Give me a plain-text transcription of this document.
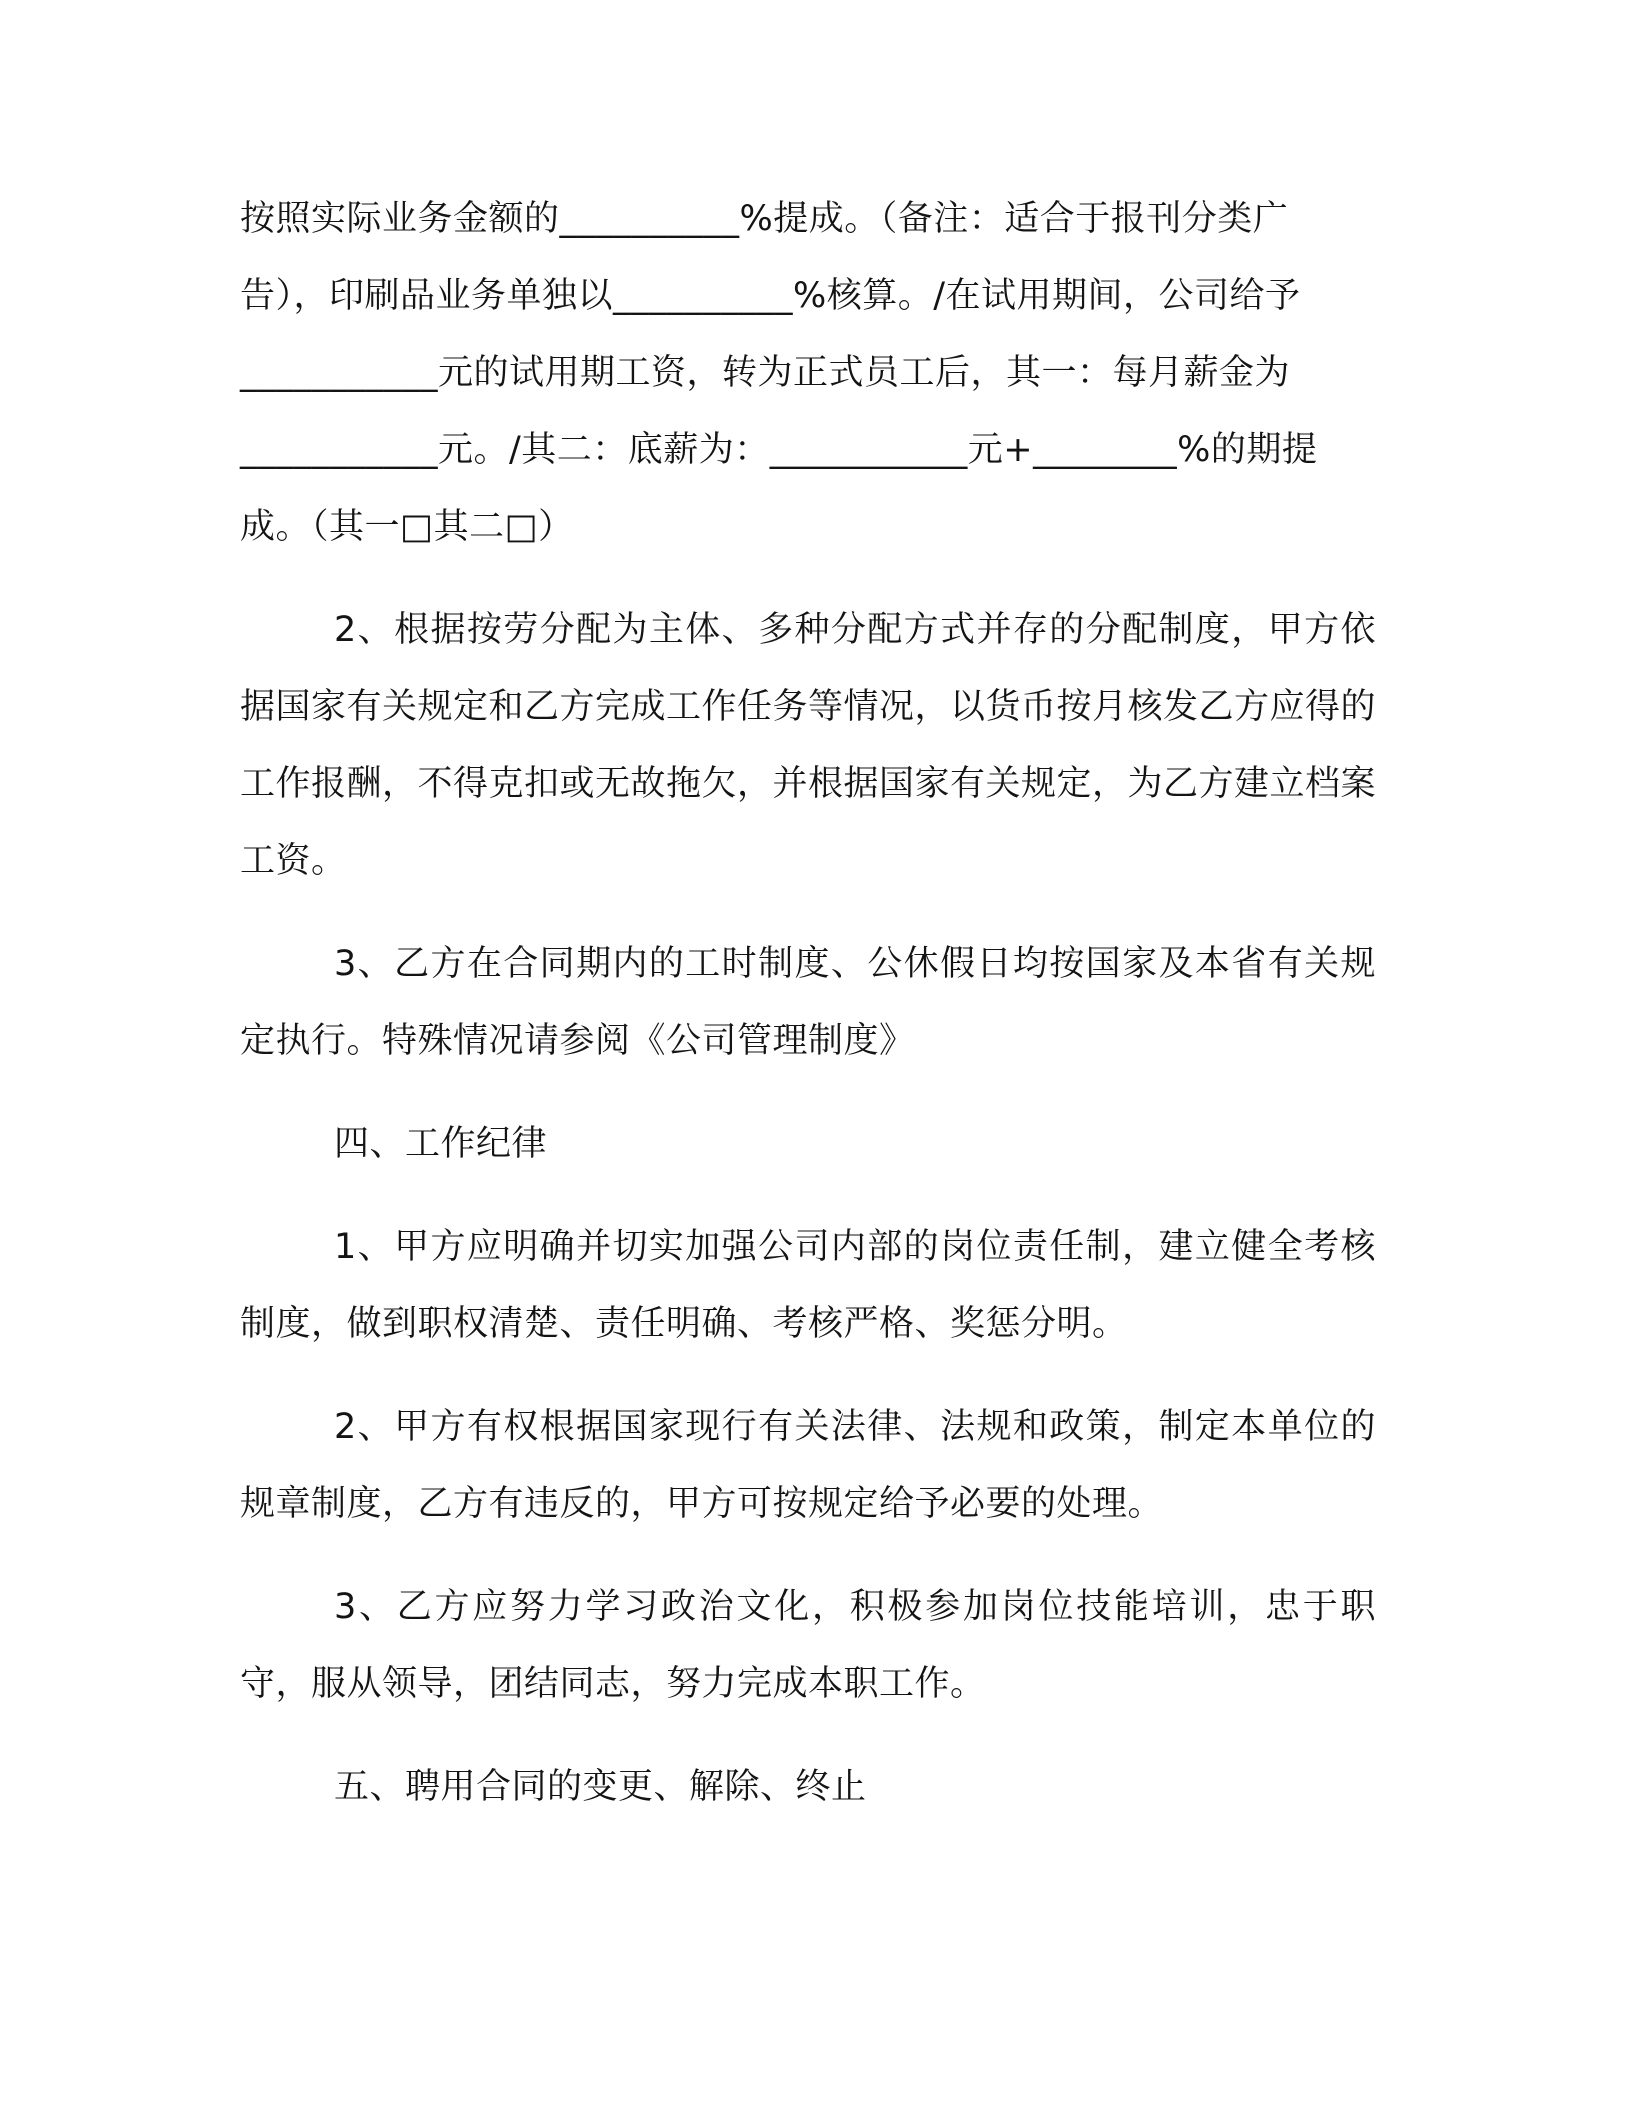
按照实际业务金额的__________%提成。（备注：适合于报刊分类广
告），印刷品业务单独以__________%核算。/在试用期间，公司给予
___________元的试用期工资，转为正式员工后，其一：每月薪金为
___________元。/其二：底薪为：___________元+________%的期提
成。（其一□其二□）

2、根据按劳分配为主体、多种分配方式并存的分配制度，甲方依据国家有关规定和乙方完成工作任务等情况，以货币按月核发乙方应得的工作报酬，不得克扣或无故拖欠，并根据国家有关规定，为乙方建立档案工资。

3、乙方在合同期内的工时制度、公休假日均按国家及本省有关规定执行。特殊情况请参阅《公司管理制度》

四、工作纪律

1、甲方应明确并切实加强公司内部的岗位责任制，建立健全考核制度，做到职权清楚、责任明确、考核严格、奖惩分明。

2、甲方有权根据国家现行有关法律、法规和政策，制定本单位的规章制度，乙方有违反的，甲方可按规定给予必要的处理。

3、乙方应努力学习政治文化，积极参加岗位技能培训，忠于职守，服从领导，团结同志，努力完成本职工作。

五、聘用合同的变更、解除、终止
